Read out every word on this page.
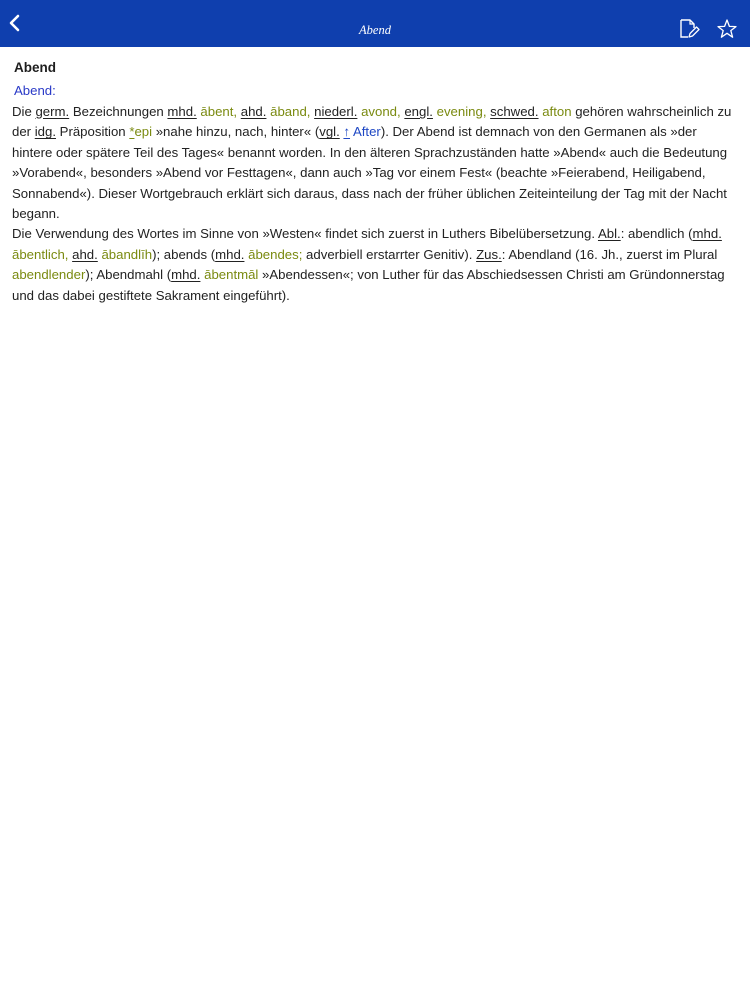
Abend
Abend
Abend:

Die germ. Bezeichnungen mhd. ābent, ahd. āband, niederl. avond, engl. evening, schwed. afton gehören wahrscheinlich zu der idg. Präposition *epi »nahe hinzu, nach, hinter« (vgl. ↑ After). Der Abend ist demnach von den Germanen als »der hintere oder spätere Teil des Tages« benannt worden. In den älteren Sprachzuständen hatte »Abend« auch die Bedeutung »Vorabend«, besonders »Abend vor Festtagen«, dann auch »Tag vor einem Fest« (beachte »Feierabend, Heiligabend, Sonnabend«). Dieser Wortgebrauch erklärt sich daraus, dass nach der früher üblichen Zeiteinteilung der Tag mit der Nacht begann.

Die Verwendung des Wortes im Sinne von »Westen« findet sich zuerst in Luthers Bibelübersetzung. Abl.: abendlich (mhd. ābentlich, ahd. ābandlīh); abends (mhd. ābendes; adverbiell erstarrter Genitiv). Zus.: Abendland (16. Jh., zuerst im Plural abendlender); Abendmahl (mhd. ābentmāl »Abendessen«; von Luther für das Abschiedsessen Christi am Gründonnerstag und das dabei gestiftete Sakrament eingeführt).
